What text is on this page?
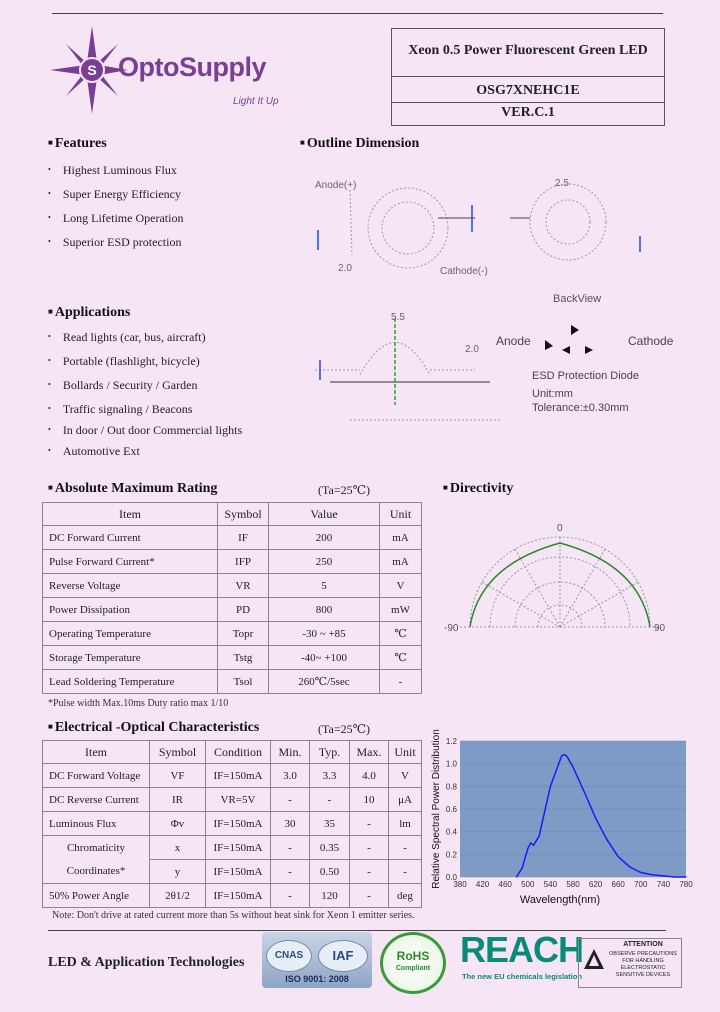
S OptoSupply
Light It Up
Xeon 0.5 Power Fluorescent Green LED
OSG7XNEHC1E
VER.C.1
■ Features
• Highest Luminous Flux
• Super Energy Efficiency
• Long Lifetime Operation
• Superior ESD protection
■ Applications
• Read lights (car, bus, aircraft)
• Portable (flashlight, bicycle)
• Bollards / Security / Garden
• Traffic signaling / Beacons
• In door / Out door Commercial lights
• Automotive Ext
■ Outline Dimension
Anode(+)
Cathode(-)
2.0
2.5
5.5
2.0
BackView
Anode	Cathode
ESD Protection Diode
Unit:mm
Tolerance:±0.30mm
■ Absolute Maximum Rating	(Ta=25℃)
Item	Symbol	Value	Unit
DC Forward Current	IF	200	mA
Pulse Forward Current*	IFP	250	mA
Reverse Voltage	VR	5	V
Power Dissipation	PD	800	mW
Operating Temperature	Topr	-30 ~ +85	℃
Storage Temperature	Tstg	-40~ +100	℃
Lead Soldering Temperature	Tsol	260℃/5sec	-
*Pulse width Max.10ms Duty ratio max 1/10
■ Directivity
0
-90	90
■ Electrical -Optical Characteristics	(Ta=25℃)
Item	Symbol	Condition	Min.	Typ.	Max.	Unit
DC Forward Voltage	VF	IF=150mA	3.0	3.3	4.0	V
DC Reverse Current	IR	VR=5V	-	-	10	μA
Luminous Flux	Φv	IF=150mA	30	35	-	lm
Chromaticity	x	IF=150mA	-	0.35	-	-
Coordinates*	y	IF=150mA	-	0.50	-	-
50% Power Angle	2θ1/2	IF=150mA	-	120	-	deg
Note: Don't drive at rated current more than 5s without heat sink for Xeon 1 emitter series.
0.0
0.2
0.4
0.6
0.8
1.0
1.2
380 420 460 500 540 580 620 660 700 740 780
Wavelength(nm)
Relative Spectral Power Distribution
LED & Application Technologies	CNAS	IAF
ISO 9001: 2008
RoHS
Compliant REACH
The new EU chemicals legislation
ATTENTION
OBSERVE PRECAUTIONS FOR HANDLING ELECTROSTATIC SENSITIVE DEVICES
